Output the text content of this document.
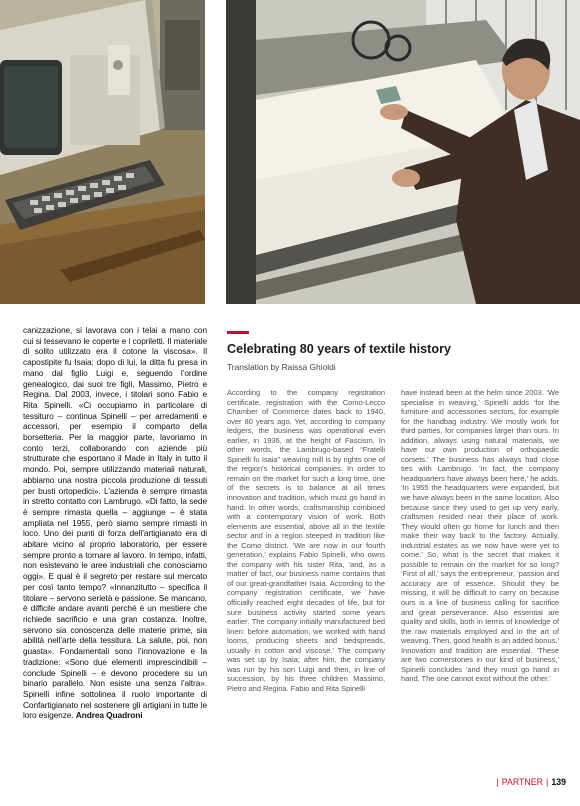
canizzazione, si lavorava con i telai a mano con cui si tessevano le coperte e i copriletti. Il materiale di solito utilizzato era il cotone la viscosa». Il capostipite fu Isaia: dopo di lui, la ditta fu presa in mano dal figlio Luigi e, seguendo l’ordine genealogico, dai suoi tre figli, Massimo, Pietro e Regina. Dal 2003, invece, i titolari sono Fabio e Rita Spinelli. «Ci occupiamo in particolare di tessituro – continua Spinelli – per arredamenti e accessori, per esempio il comparto della borsetteria. Per la maggior parte, lavoriamo in conto terzi, collaborando con aziende più strutturate che esportano il Made in Italy in tutto il mondo. Poi, sempre utilizzando materiali naturali, abbiamo una nostra piccola produzione di tessuti per busti ortopedici». L’azienda è sempre rimasta in stretto contatto con Lambrugo. «Di fatto, la sede è sempre rimasta quella – aggiunge – è stata ampliata nel 1955, però siamo sempre rimasti in loco. Uno dei punti di forza dell’artigianato era di abitare vicino al proprio laboratorio, per essere sempre pronto a tornare al lavoro. In tempo, infatti, non esistevano le aree industriali che conosciamo oggi». E qual è il segreto per restare sul mercato per così tanto tempo? «Innanzitutto – specifica il titolare – servono serietà e passione. Se mancano, è difficile andare avanti perché è un mestiere che richiede sacrificio e una gran costanza. Inoltre, servono sia conoscenza delle materie prime, sia abilità nell’arte della tessitura. La salute, poi, non guasta». Fondamentali sono l’innovazione e la tradizione: «Sono due elementi imprescindibili – conclude Spinelli – e devono procedere su un binario parallelo. Non esiste una senza l’altra». Spinelli infine sottolinea il ruolo importante di Confartigianato nel sostenere gli artigiani in tutte le loro esigenze. Andrea Quadroni
Celebrating 80 years of textile history
Translation by Raissa Ghioldi
According to the company registration certificate, registration with the Como-Lecco Chamber of Commerce dates back to 1940, over 80 years ago. Yet, according to company ledgers, the business was operational even earlier, in 1936, at the height of Fascism. In other words, the Lambrugo-based “Fratelli Spinelli fu Isaia” weaving mill is by rights one of the region's historical companies. In order to remain on the market for such a long time, one of the secrets is to balance at all times innovation and tradition, which must go hand in hand. In other words, craftsmanship combined with a contemporary vision of work. Both elements are essential, above all in the textile sector and in a region steeped in tradition like the Como district. ‘We are now in our fourth generation,’ explains Fabio Spinelli, who owns the company with his sister Rita, ‘and, as a matter of fact, our business name contains that of our great-grandfather Isaia. According to the company registration certificate, we have officially reached eight decades of life, but for sure business activity started some years earlier. The company initially manufactured bed linen: before automation, we worked with hand looms, producing sheets and bedspreads, usually in cotton and viscose.’ The company was set up by Isaia; after him, the company was run by his son Luigi and then, in line of succession, by his three children Massimo, Pietro and Regina. Fabio and Rita Spinelli
have instead been at the helm since 2003. ‘We specialise in weaving,’ Spinelli adds ‘for the furniture and accessories sectors, for example for the handbag industry. We mostly work for third parties, for companies larger than ours. In addition, always using natural materials, we have our own production of orthopaedic corsets.’ The business has always had close ties with Lambrugo. ‘In fact, the company headquarters have always been here,’ he adds. ‘In 1955 the headquarters were expanded, but we have always been in the same location. Also because since they used to get up very early, craftsmen resided near their place of work. They would often go home for lunch and then make their way back to the factory. Actually, industrial estates as we now have were yet to come.’ So, what is the secret that makes it possible to remain on the market for so long? ‘First of all,’ says the entrepreneur, ‘passion and accuracy are of essence. Should they be missing, it will be difficult to carry on because ours is a line of business calling for sacrifice and great perseverance. Also essential are quality and skills, both in terms of knowledge of the raw materials employed and in the art of weaving. Then, good health is an added bonus.’ Innovation and tradition are essential. ‘These are two cornerstones in our kind of business,’ Spinelli concludes ‘and they must go hand in hand. The one cannot exist without the other.’
| PARTNER | 139
